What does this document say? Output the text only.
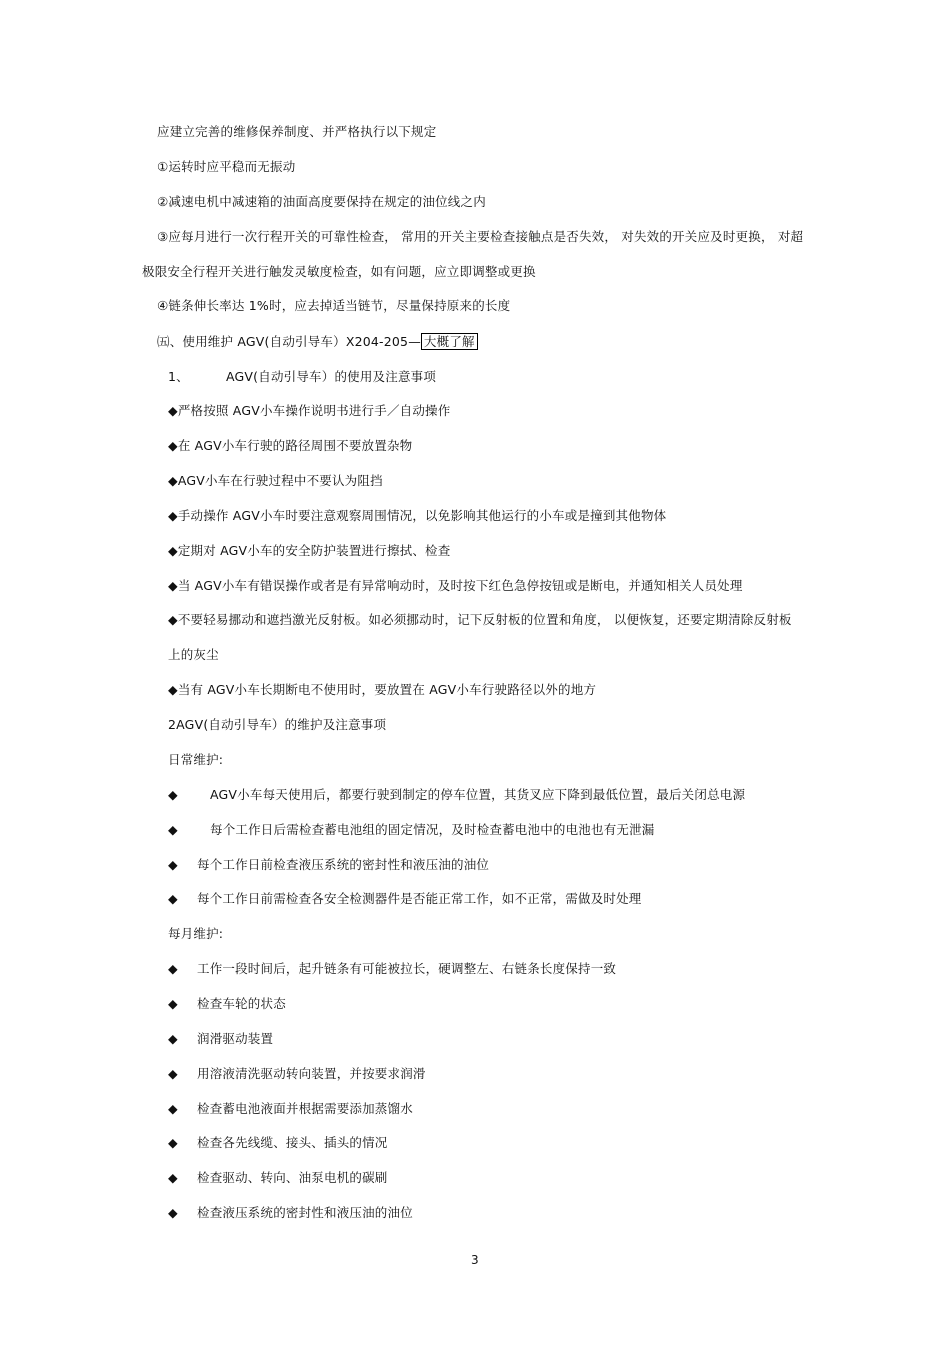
应建立完善的维修保养制度、并严格执行以下规定
①运转时应平稳而无振动
②减速电机中减速箱的油面高度要保持在规定的油位线之内
③应每月进行一次行程开关的可靠性检查， 常用的开关主要检查接触点是否失效， 对失效的开关应及时更换， 对超
极限安全行程开关进行触发灵敏度检查，如有问题，应立即调整或更换
④链条伸长率达 1%时，应去掉适当链节，尽量保持原来的长度
㈤、使用维护 AGV(自动引导车）X204-205— 大概了解
1、	AGV(自动引导车）的使用及注意事项
◆严格按照 AGV小车操作说明书进行手／自动操作
◆在 AGV小车行驶的路径周围不要放置杂物
◆AGV小车在行驶过程中不要认为阻挡
◆手动操作 AGV小车时要注意观察周围情况，以免影响其他运行的小车或是撞到其他物体
◆定期对 AGV小车的安全防护装置进行擦拭、检查
◆当 AGV小车有错误操作或者是有异常响动时，及时按下红色急停按钮或是断电，并通知相关人员处理
◆不要轻易挪动和遮挡激光反射板。如必须挪动时，记下反射板的位置和角度， 以便恢复，还要定期清除反射板
上的灰尘
◆当有 AGV小车长期断电不使用时，要放置在 AGV小车行驶路径以外的地方
2AGV(自动引导车）的维护及注意事项
日常维护:
◆	AGV小车每天使用后，都要行驶到制定的停车位置，其货叉应下降到最低位置，最后关闭总电源
◆	每个工作日后需检查蓄电池组的固定情况，及时检查蓄电池中的电池也有无泄漏
◆ 每个工作日前检查液压系统的密封性和液压油的油位
◆ 每个工作日前需检查各安全检测器件是否能正常工作，如不正常，需做及时处理
每月维护:
◆ 工作一段时间后，起升链条有可能被拉长，硬调整左、右链条长度保持一致
◆ 检查车轮的状态
◆ 润滑驱动装置
◆ 用溶液清洗驱动转向装置，并按要求润滑
◆ 检查蓄电池液面并根据需要添加蒸馏水
◆ 检查各先线缆、接头、插头的情况
◆ 检查驱动、转向、油泵电机的碳刷
◆ 检查液压系统的密封性和液压油的油位
3
